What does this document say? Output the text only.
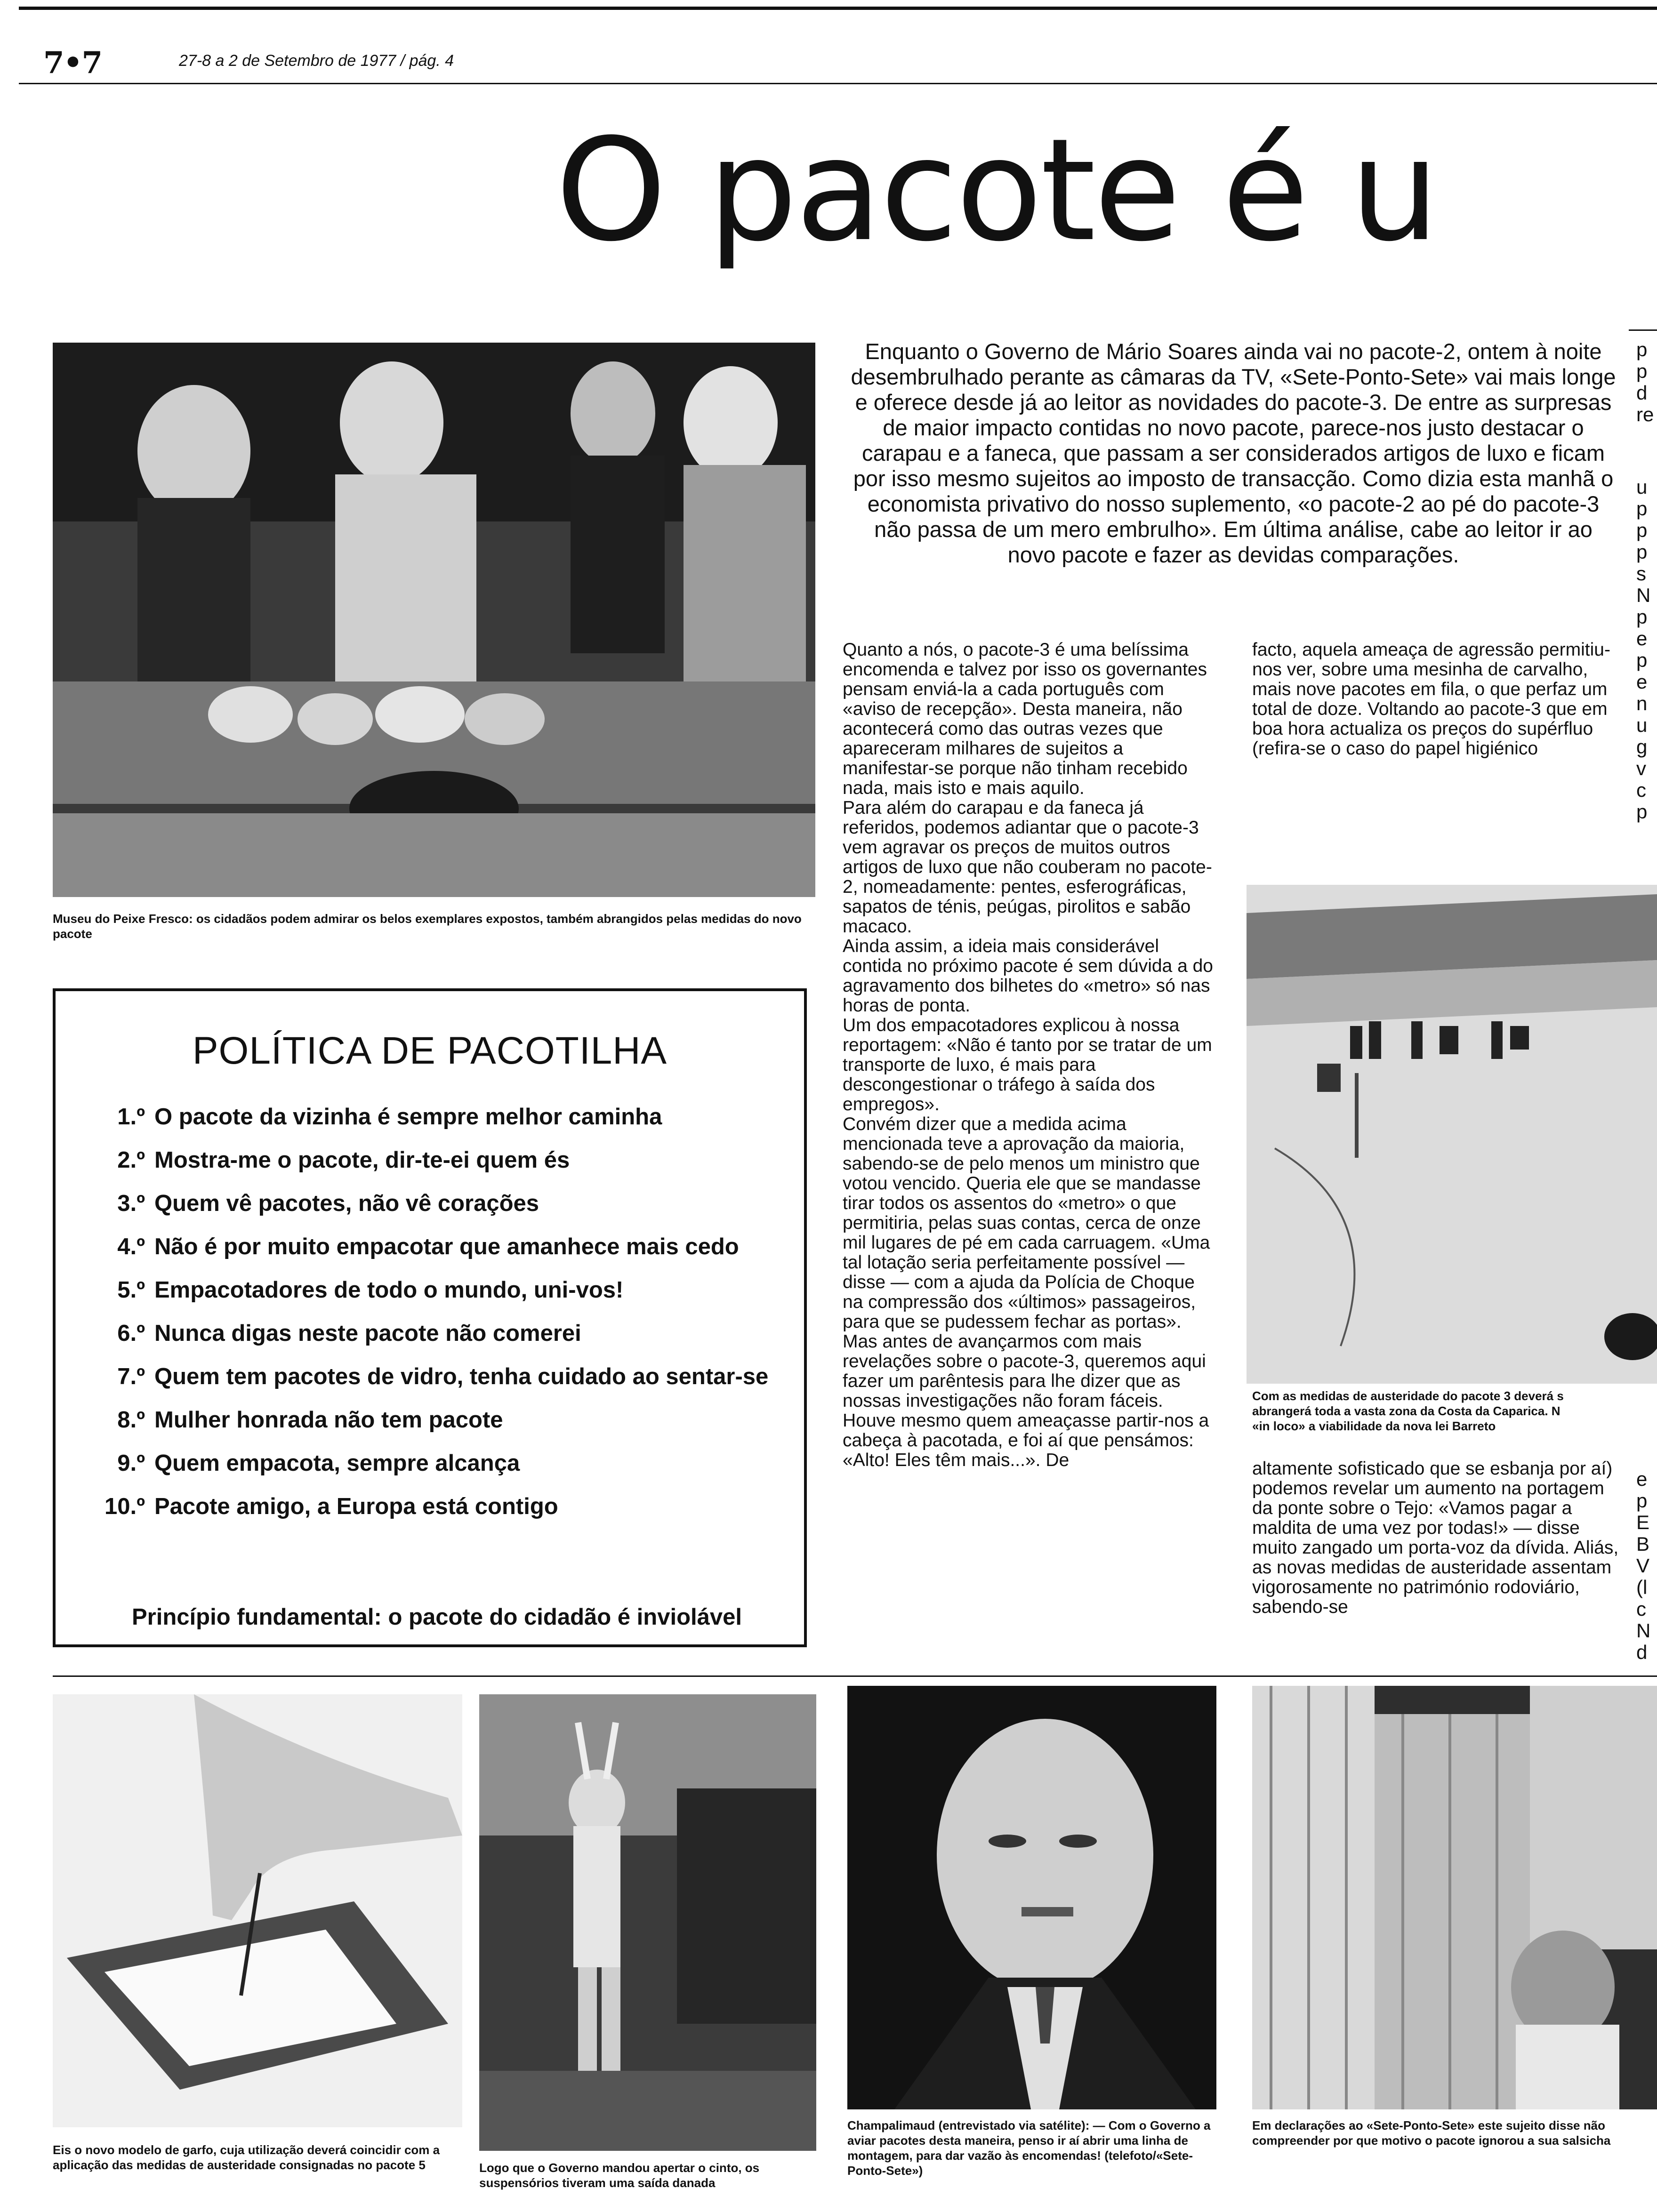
7•7	27-8 a 2 de Setembro de 1977 / pág. 4
O pacote é u
Museu do Peixe Fresco: os cidadãos podem admirar os belos exemplares expostos, também abrangidos pelas medidas do novo pacote
Enquanto o Governo de Mário Soares ainda vai no pacote-2, ontem à noite desembrulhado perante as câmaras da TV, «Sete-Ponto-Sete» vai mais longe e oferece desde já ao leitor as novidades do pacote-3. De entre as surpresas de maior impacto contidas no novo pacote, parece-nos justo destacar o carapau e a faneca, que passam a ser considerados artigos de luxo e ficam por isso mesmo sujeitos ao imposto de transacção. Como dizia esta manhã o economista privativo do nosso suplemento, «o pacote-2 ao pé do pacote-3 não passa de um mero embrulho». Em última análise, cabe ao leitor ir ao novo pacote e fazer as devidas comparações.

Quanto a nós, o pacote-3 é uma belíssima encomenda e talvez por isso os governantes pensam enviá-la a cada português com «aviso de recepção». Desta maneira, não acontecerá como das outras vezes que apareceram milhares de sujeitos a manifestar-se porque não tinham recebido nada, mais isto e mais aquilo.

Para além do carapau e da faneca já referidos, podemos adiantar que o pacote-3 vem agravar os preços de muitos outros artigos de luxo que não couberam no pacote-2, nomeadamente: pentes, esferográficas, sapatos de ténis, peúgas, pirolitos e sabão macaco.

Ainda assim, a ideia mais considerável contida no próximo pacote é sem dúvida a do agravamento dos bilhetes do «metro» só nas horas de ponta.

Um dos empacotadores explicou à nossa reportagem: «Não é tanto por se tratar de um transporte de luxo, é mais para descongestionar o tráfego à saída dos empregos».

Convém dizer que a medida acima mencionada teve a aprovação da maioria, sabendo-se de pelo menos um ministro que votou vencido. Queria ele que se mandasse tirar todos os assentos do «metro» o que permitiria, pelas suas contas, cerca de onze mil lugares de pé em cada carruagem. «Uma tal lotação seria perfeitamente possível — disse — com a ajuda da Polícia de Choque na compressão dos «últimos» passageiros, para que se pudessem fechar as portas».

Mas antes de avançarmos com mais revelações sobre o pacote-3, queremos aqui fazer um parêntesis para lhe dizer que as nossas investigações não foram fáceis. Houve mesmo quem ameaçasse partir-nos a cabeça à pacotada, e foi aí que pensámos: «Alto! Eles têm mais...». De

facto, aquela ameaça de agressão permitiu-nos ver, sobre uma mesinha de carvalho, mais nove pacotes em fila, o que perfaz um total de doze. Voltando ao pacote-3 que em boa hora actualiza os preços do supérfluo (refira-se o caso do papel higiénico
Com as medidas de austeridade do pacote 3 deverá s
abrangerá toda a vasta zona da Costa da Caparica. N
«in loco» a viabilidade da nova lei Barreto
altamente sofisticado que se esbanja por aí) podemos revelar um aumento na portagem da ponte sobre o Tejo: «Vamos pagar a maldita de uma vez por todas!» — disse muito zangado um porta-voz da dívida. Aliás, as novas medidas de austeridade assentam vigorosamente no património rodoviário, sabendo-se
p
p
d
re
u
p
p
p
s
N
p
e
p
e
n
u
g
v
c
p
e
p
E
B
V
(l
c
N
d
POLÍTICA DE PACOTILHA
1.º O pacote da vizinha é sempre melhor caminha
2.º Mostra-me o pacote, dir-te-ei quem és
3.º Quem vê pacotes, não vê corações
4.º Não é por muito empacotar que amanhece mais cedo
5.º Empacotadores de todo o mundo, uni-vos!
6.º Nunca digas neste pacote não comerei
7.º Quem tem pacotes de vidro, tenha cuidado ao sentar-se
8.º Mulher honrada não tem pacote
9.º Quem empacota, sempre alcança
10.º Pacote amigo, a Europa está contigo
Princípio fundamental: o pacote do cidadão é inviolável
Eis o novo modelo de garfo, cuja utilização deverá coincidir com a aplicação das medidas de austeridade consignadas no pacote 5	Logo que o Governo mandou apertar o cinto, os suspensórios tiveram uma saída danada
Champalimaud (entrevistado via satélite): — Com o Governo a aviar pacotes desta maneira, penso ir aí abrir uma linha de montagem, para dar vazão às encomendas! (telefoto/«Sete-Ponto-Sete»)
Em declarações ao «Sete-Ponto-Sete» este sujeito disse não compreender por que motivo o pacote ignorou a sua salsicha
